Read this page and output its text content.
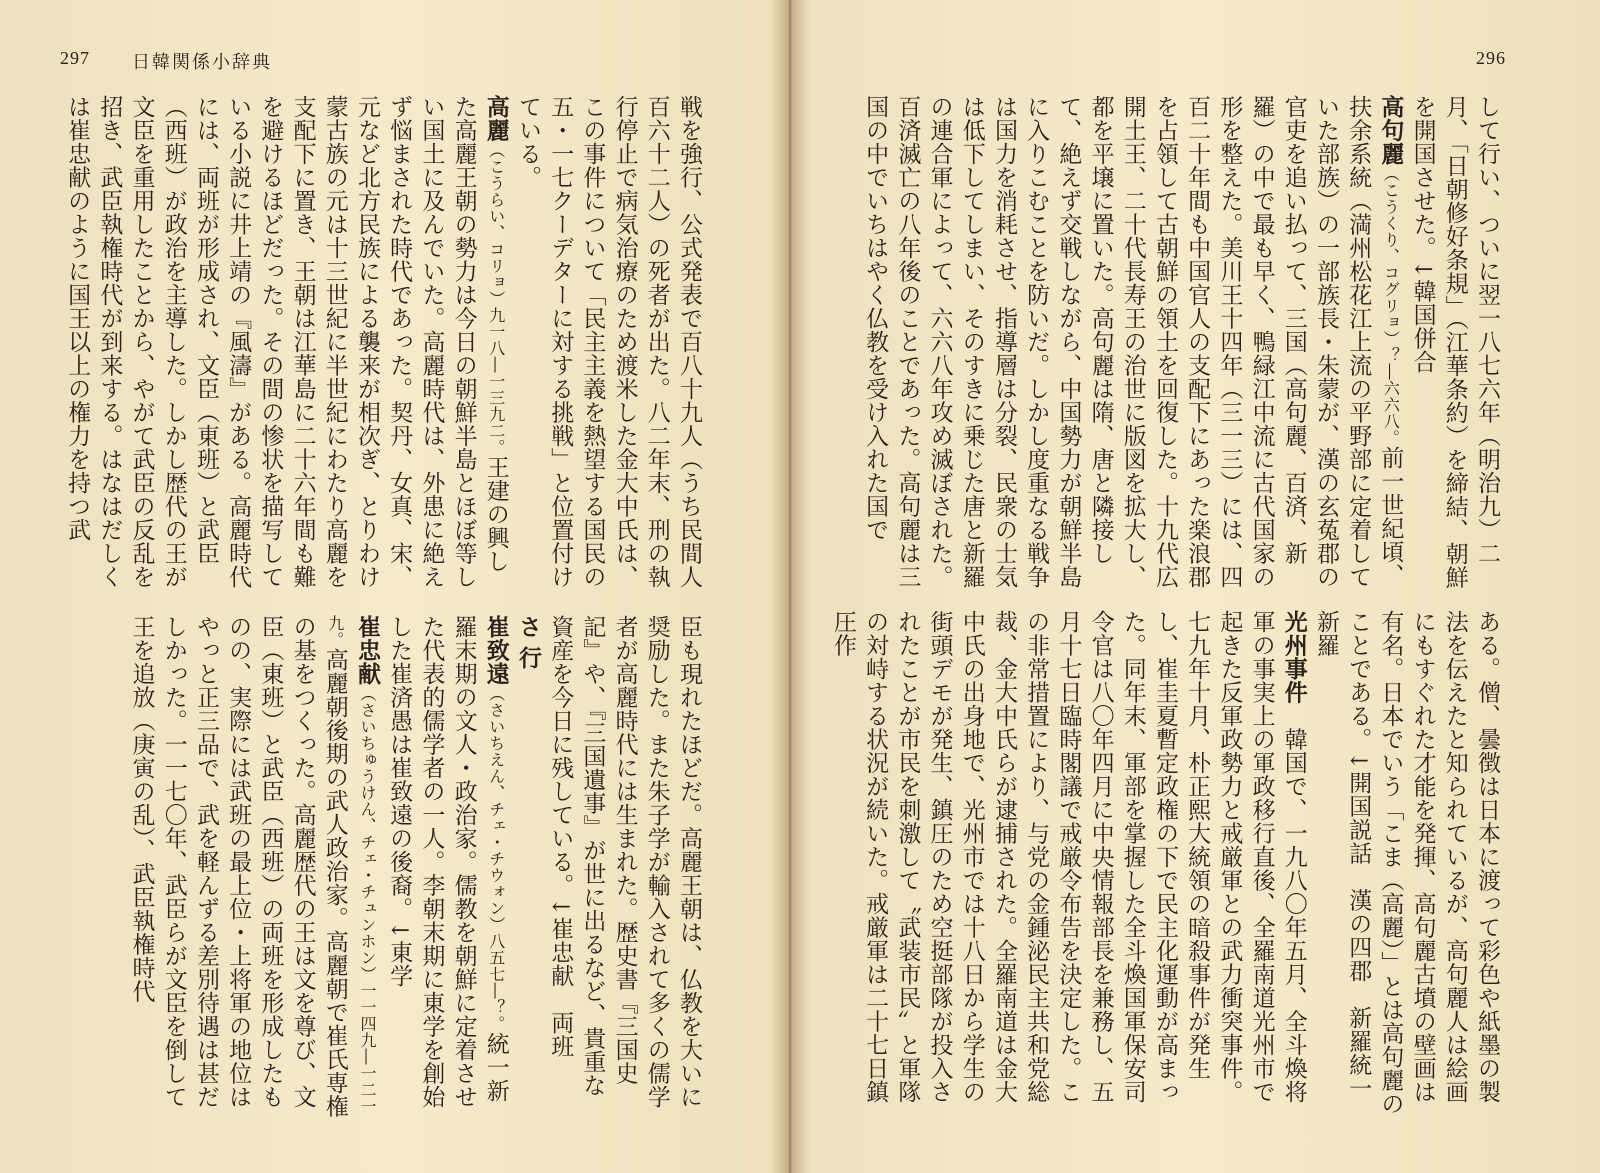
297 日韓関係小辞典	296
して行い、ついに翌一八七六年（明治九）二月、「日朝修好条規」（江華条約）を締結、朝鮮を開国させた。↓韓国併合
高句麗（こうくり、コグリョ）？―六六八。前一世紀頃、扶余系統（満州松花江上流の平野部に定着していた部族）の一部族長・朱蒙が、漢の玄菟郡の官吏を追い払って、三国（高句麗、百済、新羅）の中で最も早く、鴨緑江中流に古代国家の形を整えた。美川王十四年（三一三）には、四百二十年間も中国官人の支配下にあった楽浪郡を占領して古朝鮮の領土を回復した。十九代広開土王、二十代長寿王の治世に版図を拡大し、都を平壌に置いた。高句麗は隋、唐と隣接して、絶えず交戦しながら、中国勢力が朝鮮半島に入りこむことを防いだ。しかし度重なる戦争は国力を消耗させ、指導層は分裂、民衆の士気は低下してしまい、そのすきに乗じた唐と新羅の連合軍によって、六六八年攻め滅ぼされた。百済滅亡の八年後のことであった。高句麗は三国の中でいちはやく仏教を受け入れた国で
ある。僧、曇徴は日本に渡って彩色や紙墨の製法を伝えたと知られているが、高句麗人は絵画にもすぐれた才能を発揮、高句麗古墳の壁画は有名。日本でいう「こま（高麗）」とは高句麗のことである。↓開国説話　漢の四郡　新羅統一新羅
光州事件　韓国で、一九八〇年五月、全斗煥将軍の事実上の軍政移行直後、全羅南道光州市で起きた反軍政勢力と戒厳軍との武力衝突事件。七九年十月、朴正熙大統領の暗殺事件が発生し、崔圭夏暫定政権の下で民主化運動が高まった。同年末、軍部を掌握した全斗煥国軍保安司令官は八〇年四月に中央情報部長を兼務し、五月十七日臨時閣議で戒厳令布告を決定した。この非常措置により、与党の金鍾泌民主共和党総裁、金大中氏らが逮捕された。全羅南道は金大中氏の出身地で、光州市では十八日から学生の街頭デモが発生、鎮圧のため空挺部隊が投入されたことが市民を刺激して〝武装市民〟と軍隊の対峙する状況が続いた。戒厳軍は二十七日鎮圧作
戦を強行、公式発表で百八十九人（うち民間人百六十二人）の死者が出た。八二年末、刑の執行停止で病気治療のため渡米した金大中氏は、この事件について「民主主義を熱望する国民の五・一七クーデターに対する挑戦」と位置付けている。
高麗（こうらい、コリョ）九一八―一三九二。王建の興した高麗王朝の勢力は今日の朝鮮半島とほぼ等しい国土に及んでいた。高麗時代は、外患に絶えず悩まされた時代であった。契丹、女真、宋、元など北方民族による襲来が相次ぎ、とりわけ蒙古族の元は十三世紀に半世紀にわたり高麗を支配下に置き、王朝は江華島に二十六年間も難を避けるほどだった。その間の惨状を描写している小説に井上靖の『風濤』がある。高麗時代には、両班が形成され、文臣（東班）と武臣（西班）が政治を主導した。しかし歴代の王が文臣を重用したことから、やがて武臣の反乱を招き、武臣執権時代が到来する。はなはだしくは崔忠献のように国王以上の権力を持つ武
臣も現れたほどだ。高麗王朝は、仏教を大いに奨励した。また朱子学が輸入されて多くの儒学者が高麗時代には生まれた。歴史書『三国史記』や、『三国遺事』が世に出るなど、貴重な資産を今日に残している。↓崔忠献　両班
さ行
崔致遠（さいちえん、チェ・チウォン）八五七―？。統一新羅末期の文人・政治家。儒教を朝鮮に定着させた代表的儒学者の一人。李朝末期に東学を創始した崔済愚は崔致遠の後裔。↓東学
崔忠献（さいちゅうけん、チェ・チュンホン）一一四九―一二一九。高麗朝後期の武人政治家。高麗朝で崔氏専権の基をつくった。高麗歴代の王は文を尊び、文臣（東班）と武臣（西班）の両班を形成したものの、実際には武班の最上位・上将軍の地位はやっと正三品で、武を軽んずる差別待遇は甚だしかった。一一七〇年、武臣らが文臣を倒して王を追放（庚寅の乱）、武臣執権時代
